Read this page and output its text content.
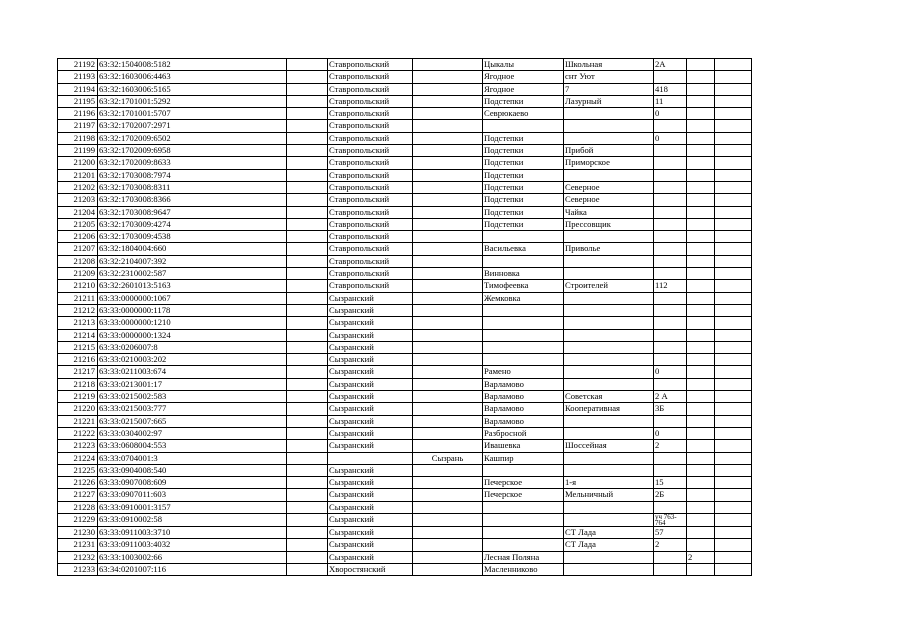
21192	63:32:1504008:5182		Ставропольский		Цыкалы	Школьная	2А		
21193	63:32:1603006:4463		Ставропольский		Ягодное	снт Уют			
21194	63:32:1603006:5165		Ставропольский		Ягодное	7	418		
21195	63:32:1701001:5292		Ставропольский		Подстепки	Лазурный	11		
21196	63:32:1701001:5707		Ставропольский		Севрюкаево		0		
21197	63:32:1702007:2971		Ставропольский						
21198	63:32:1702009:6502		Ставропольский		Подстепки		0		
21199	63:32:1702009:6958		Ставропольский		Подстепки	Прибой			
21200	63:32:1702009:8633		Ставропольский		Подстепки	Приморское			
21201	63:32:1703008:7974		Ставропольский		Подстепки				
21202	63:32:1703008:8311		Ставропольский		Подстепки	Северное			
21203	63:32:1703008:8366		Ставропольский		Подстепки	Северное			
21204	63:32:1703008:9647		Ставропольский		Подстепки	Чайка			
21205	63:32:1703009:4274		Ставропольский		Подстепки	Прессовщик			
21206	63:32:1703009:4538		Ставропольский						
21207	63:32:1804004:660		Ставропольский		Васильевка	Приволье			
21208	63:32:2104007:392		Ставропольский						
21209	63:32:2310002:587		Ставропольский		Винновка				
21210	63:32:2601013:5163		Ставропольский		Тимофеевка	Строителей	112		
21211	63:33:0000000:1067		Сызранский		Жемковка				
21212	63:33:0000000:1178		Сызранский						
21213	63:33:0000000:1210		Сызранский						
21214	63:33:0000000:1324		Сызранский						
21215	63:33:0206007:8		Сызранский						
21216	63:33:0210003:202		Сызранский						
21217	63:33:0211003:674		Сызранский		Рамено		0		
21218	63:33:0213001:17		Сызранский		Варламово				
21219	63:33:0215002:583		Сызранский		Варламово	Советская	2 А		
21220	63:33:0215003:777		Сызранский		Варламово	Кооперативная	3Б		
21221	63:33:0215007:665		Сызранский		Варламово				
21222	63:33:0304002:97		Сызранский		Разбросной		0		
21223	63:33:0608004:553		Сызранский		Ивашевка	Шоссейная	2		
21224	63:33:0704001:3			Сызрань	Кашпир				
21225	63:33:0904008:540		Сызранский						
21226	63:33:0907008:609		Сызранский		Печерское	1-я	15		
21227	63:33:0907011:603		Сызранский		Печерское	Мельничный	2Б		
21228	63:33:0910001:3157		Сызранский						
21229	63:33:0910002:58		Сызранский				уч 763- 764		
21230	63:33:0911003:3710		Сызранский			СТ Лада	57		
21231	63:33:0911003:4032		Сызранский			СТ Лада	2		
21232	63:33:1003002:66		Сызранский		Лесная Поляна			2	
21233	63:34:0201007:116		Хворостянский		Масленниково				
